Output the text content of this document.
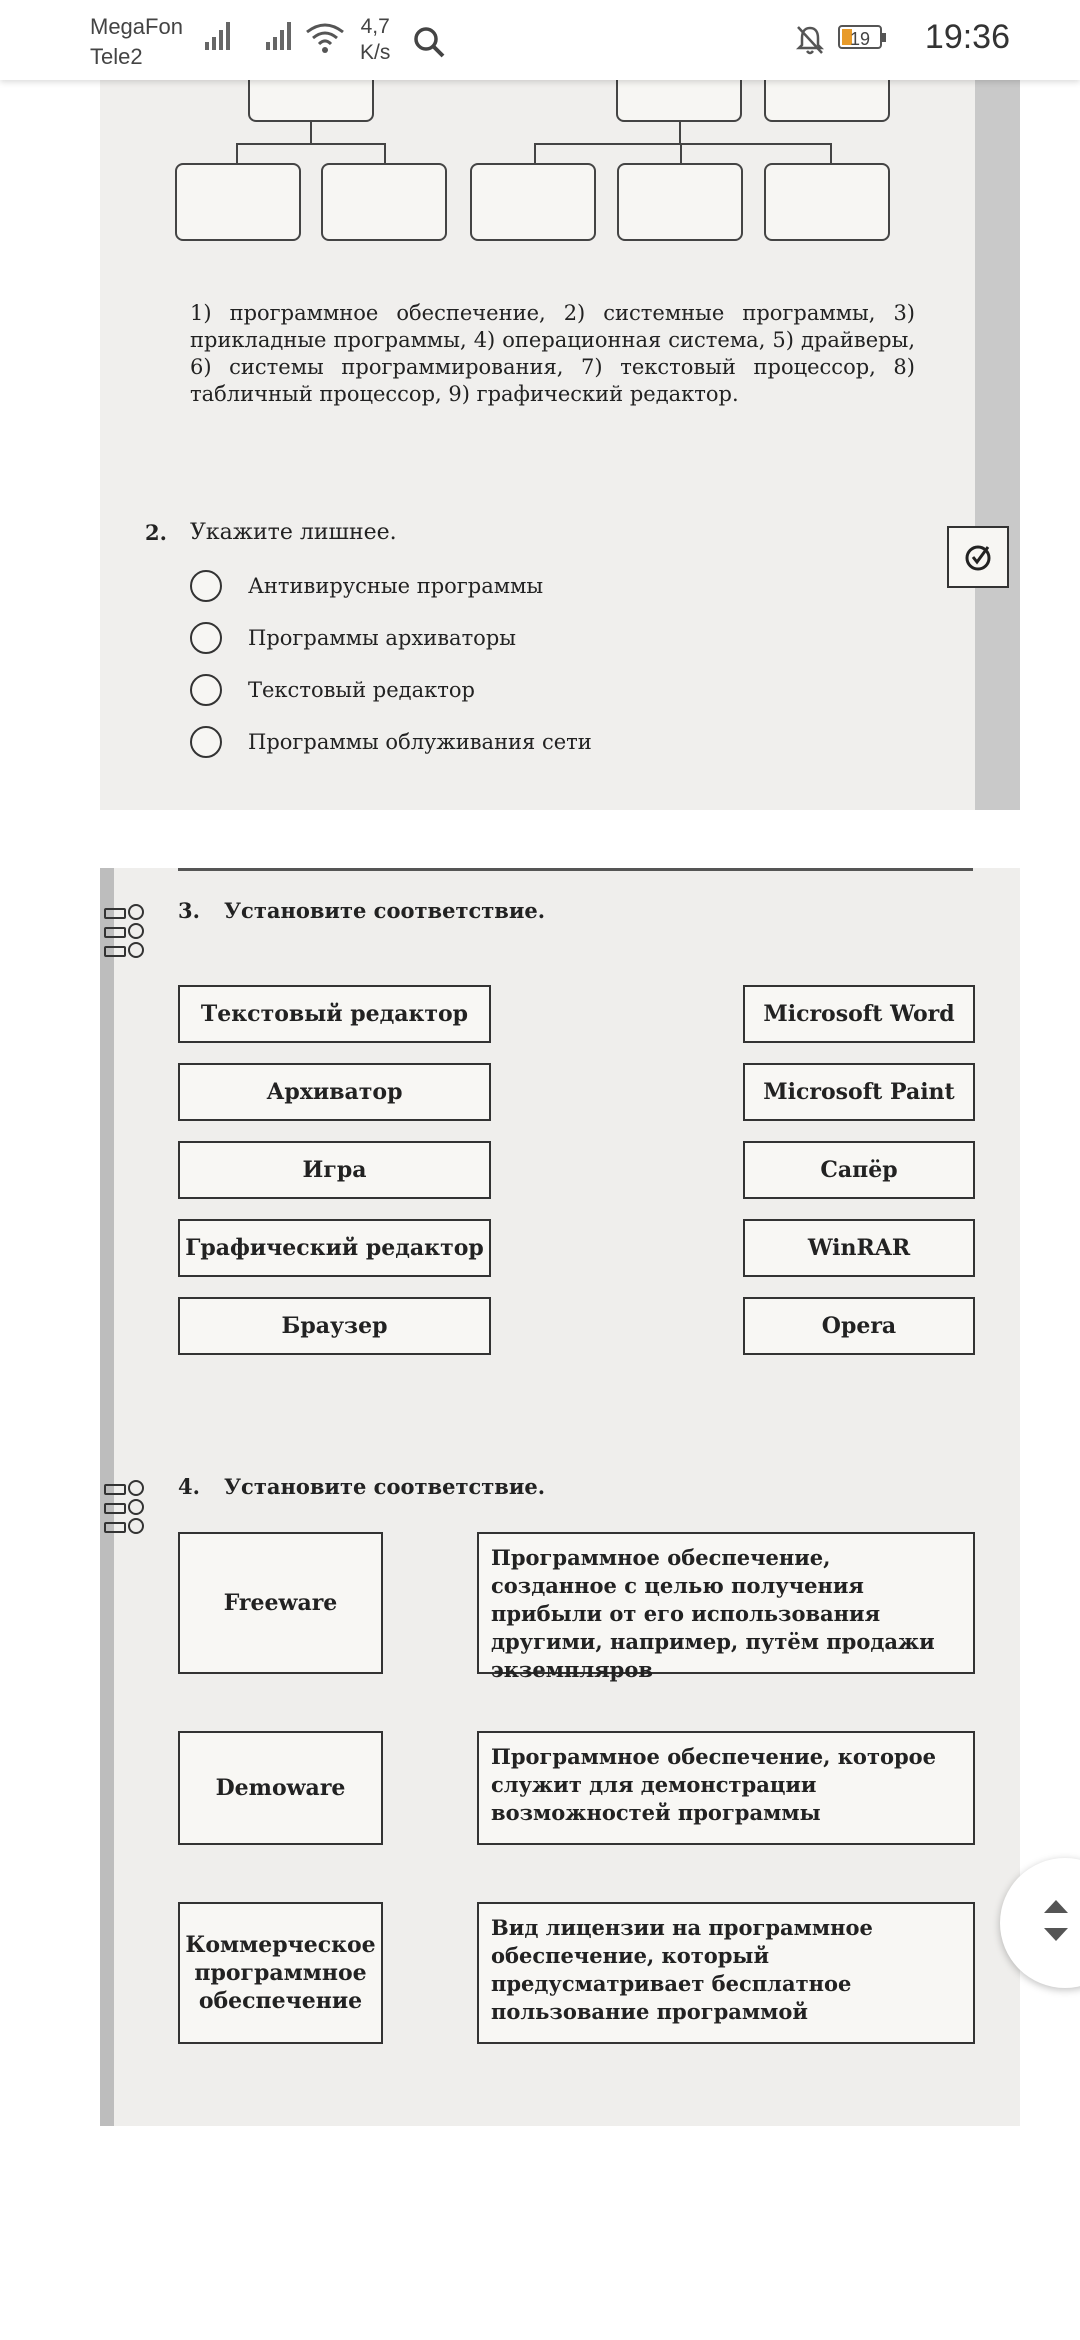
MegaFon
Tele2
4,7
K/s
19	19:36
1) программное обеспечение, 2) системные программы, 3) прикладные программы, 4) операционная система, 5) драйверы, 6) системы программирования, 7) текстовый процессор, 8) табличный процессор, 9) графический редактор.
2. Укажите лишнее.
Антивирусные программы
Программы архиваторы
Текстовый редактор
Программы облуживания сети
3. Установите соответствие.
Текстовый редактор
Архиватор
Игра
Графический редактор
Браузер
Microsoft Word
Microsoft Paint
Сапёр
WinRAR
Opera
4. Установите соответствие.
Freeware
Demoware
Коммерческое программное обеспечение
Программное обеспечение, созданное с целью получения прибыли от его использования другими, например, путём продажи экземпляров
Программное обеспечение, которое служит для демонстрации возможностей программы
Вид лицензии на программное обеспечение, который предусматривает бесплатное пользование программой
